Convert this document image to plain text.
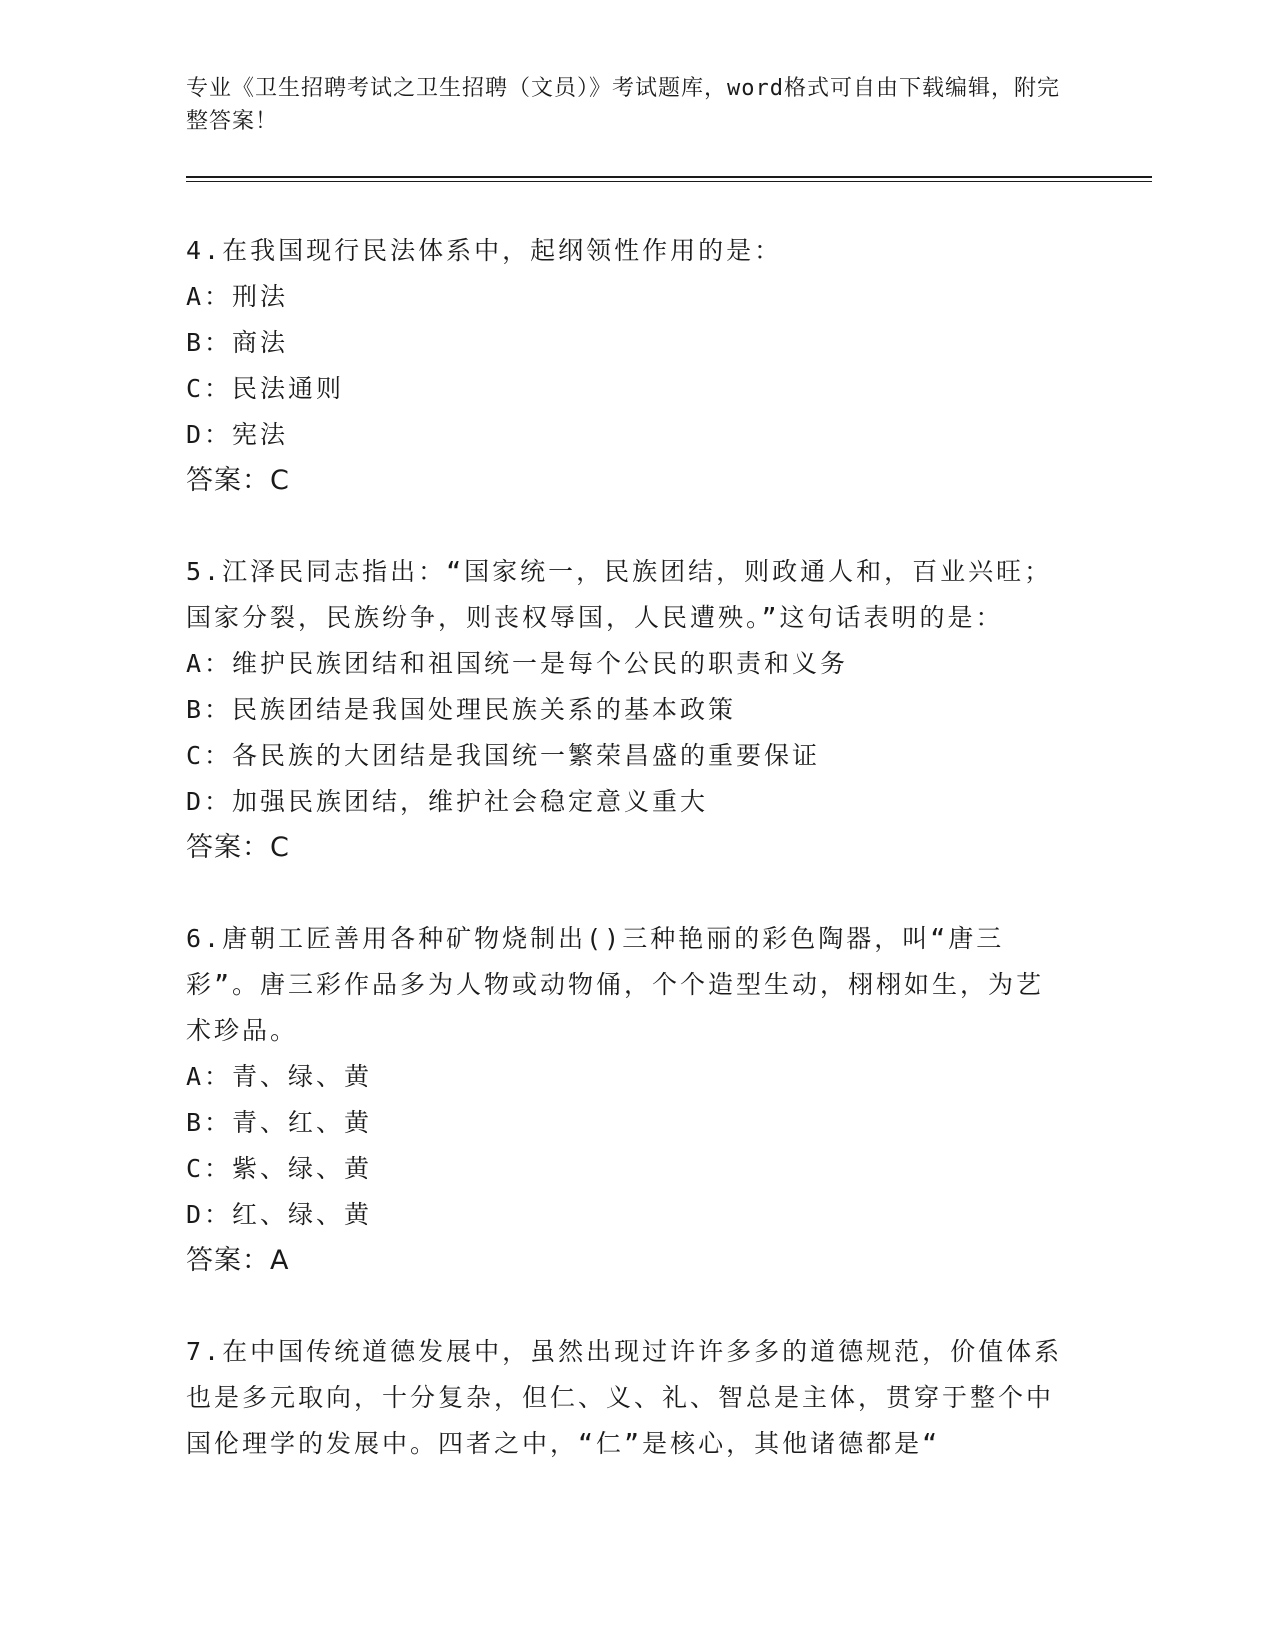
专业《卫生招聘考试之卫生招聘（文员）》考试题库，word格式可自由下载编辑，附完整答案！
4.在我国现行民法体系中，起纲领性作用的是：
A：刑法
B：商法
C：民法通则
D：宪法
答案：C
5.江泽民同志指出：“国家统一，民族团结，则政通人和，百业兴旺；国家分裂，民族纷争，则丧权辱国，人民遭殃。”这句话表明的是：
A：维护民族团结和祖国统一是每个公民的职责和义务
B：民族团结是我国处理民族关系的基本政策
C：各民族的大团结是我国统一繁荣昌盛的重要保证
D：加强民族团结，维护社会稳定意义重大
答案：C
6.唐朝工匠善用各种矿物烧制出()三种艳丽的彩色陶器，叫“唐三彩”。唐三彩作品多为人物或动物俑，个个造型生动，栩栩如生，为艺术珍品。
A：青、绿、黄
B：青、红、黄
C：紫、绿、黄
D：红、绿、黄
答案：A
7.在中国传统道德发展中，虽然出现过许许多多的道德规范，价值体系也是多元取向，十分复杂，但仁、义、礼、智总是主体，贯穿于整个中国伦理学的发展中。四者之中，“仁”是核心，其他诸德都是“
